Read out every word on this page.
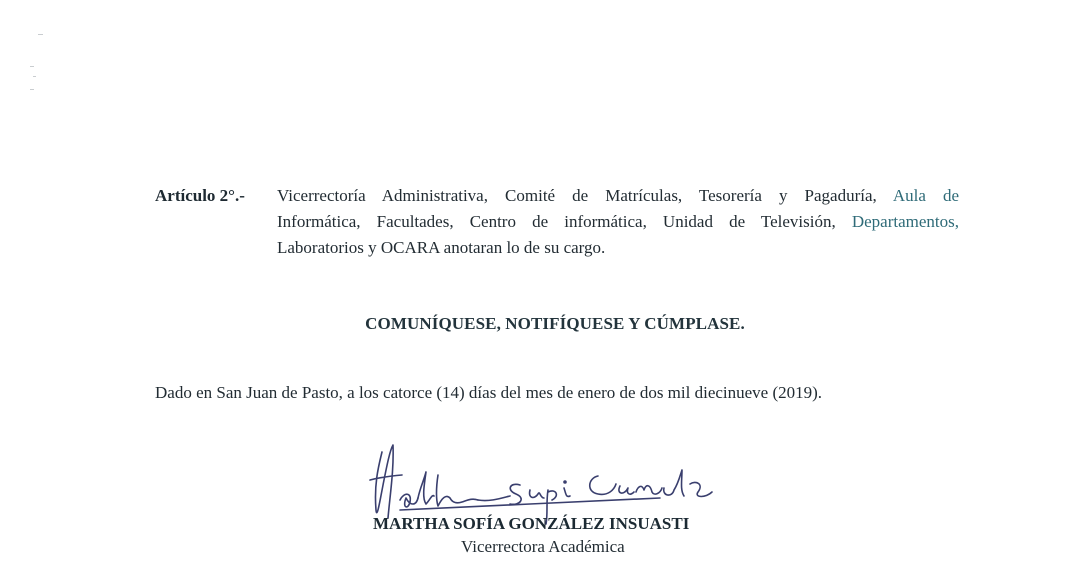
Artículo 2°.- Vicerrectoría Administrativa, Comité de Matrículas, Tesorería y Pagaduría, Aula de
Informática, Facultades, Centro de informática, Unidad de Televisión, Departamentos,
Laboratorios y OCARA anotaran lo de su cargo.
COMUNÍQUESE, NOTIFÍQUESE Y CÚMPLASE.
Dado en San Juan de Pasto, a los catorce (14) días del mes de enero de dos mil diecinueve (2019).
MARTHA SOFÍA GONZÁLEZ INSUASTI
Vicerrectora Académica
